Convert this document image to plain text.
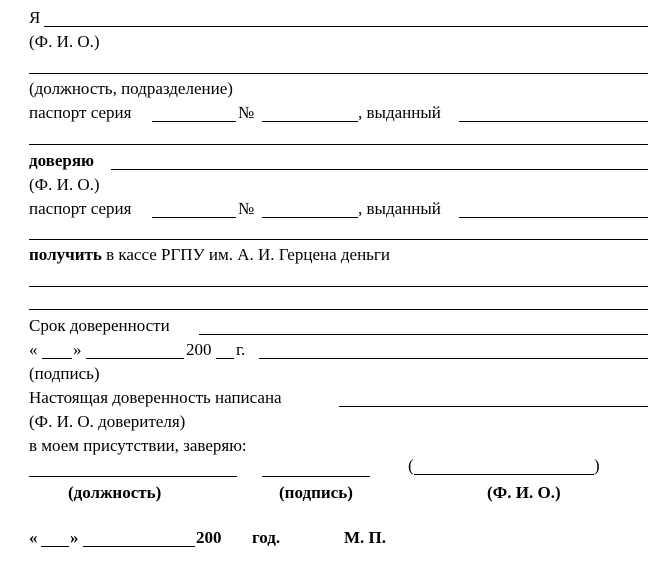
Я
(Ф. И. О.)
(должность, подразделение)
паспорт серия	№	, выданный
доверяю
(Ф. И. О.)
паспорт серия	№	, выданный
получить в кассе РГПУ им. А. И. Герцена деньги
Срок доверенности
« »	200 г.
(подпись)
Настоящая доверенность написана
(Ф. И. О. доверителя)
в моем присутствии, заверяю:
(	)
(должность)	(подпись)	(Ф. И. О.)
« »	200 год.	М. П.
